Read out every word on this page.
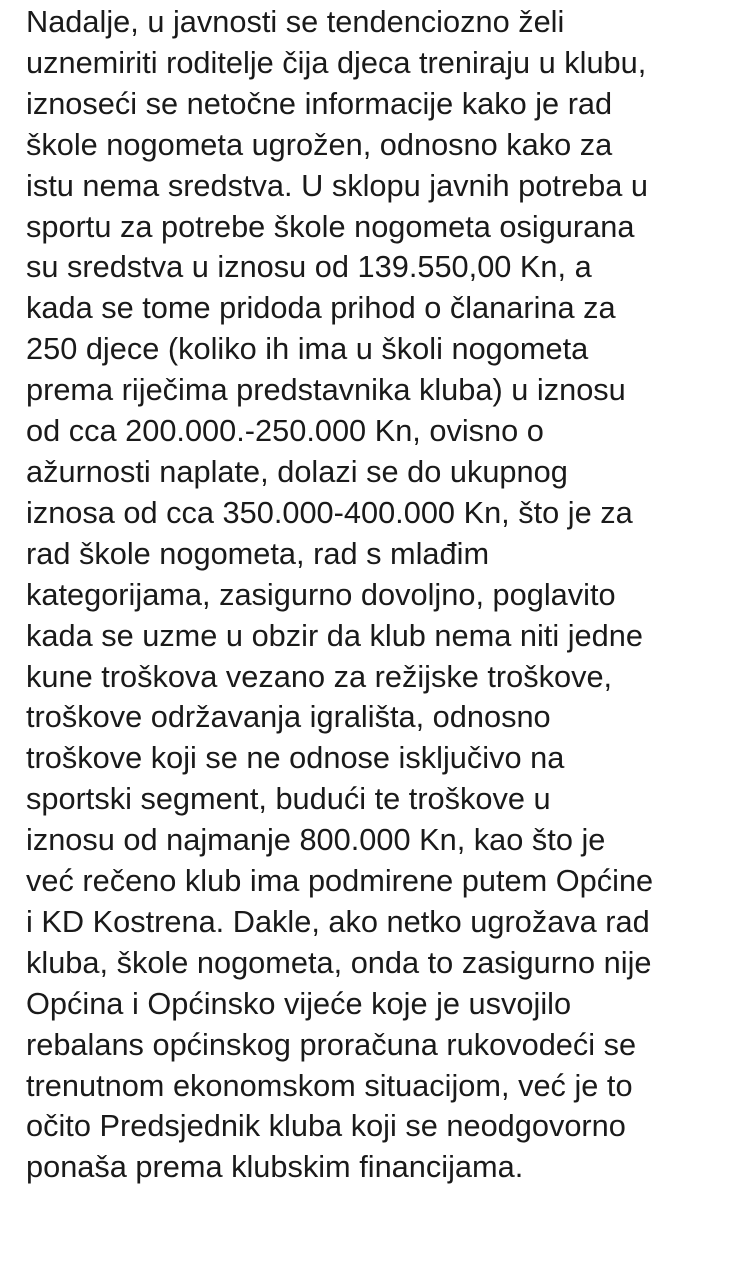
Nadalje, u javnosti se tendenciozno želi
uznemiriti roditelje čija djeca treniraju u klubu,
iznoseći se netočne informacije kako je rad
škole nogometa ugrožen, odnosno kako za
istu nema sredstva. U sklopu javnih potreba u
sportu za potrebe škole nogometa osigurana
su sredstva u iznosu od 139.550,00 Kn, a
kada se tome pridoda prihod o članarina za
250 djece (koliko ih ima u školi nogometa
prema riječima predstavnika kluba) u iznosu
od cca 200.000.-250.000 Kn, ovisno o
ažurnosti naplate, dolazi se do ukupnog
iznosa od cca 350.000-400.000 Kn, što je za
rad škole nogometa, rad s mlađim
kategorijama, zasigurno dovoljno, poglavito
kada se uzme u obzir da klub nema niti jedne
kune troškova vezano za režijske troškove,
troškove održavanja igrališta, odnosno
troškove koji se ne odnose isključivo na
sportski segment, budući te troškove u
iznosu od najmanje 800.000 Kn, kao što je
već rečeno klub ima podmirene putem Općine
i KD Kostrena. Dakle, ako netko ugrožava rad
kluba, škole nogometa, onda to zasigurno nije
Općina i Općinsko vijeće koje je usvojilo
rebalans općinskog proračuna rukovodeći se
trenutnom ekonomskom situacijom, već je to
očito Predsjednik kluba koji se neodgovorno
ponaša prema klubskim financijama.
